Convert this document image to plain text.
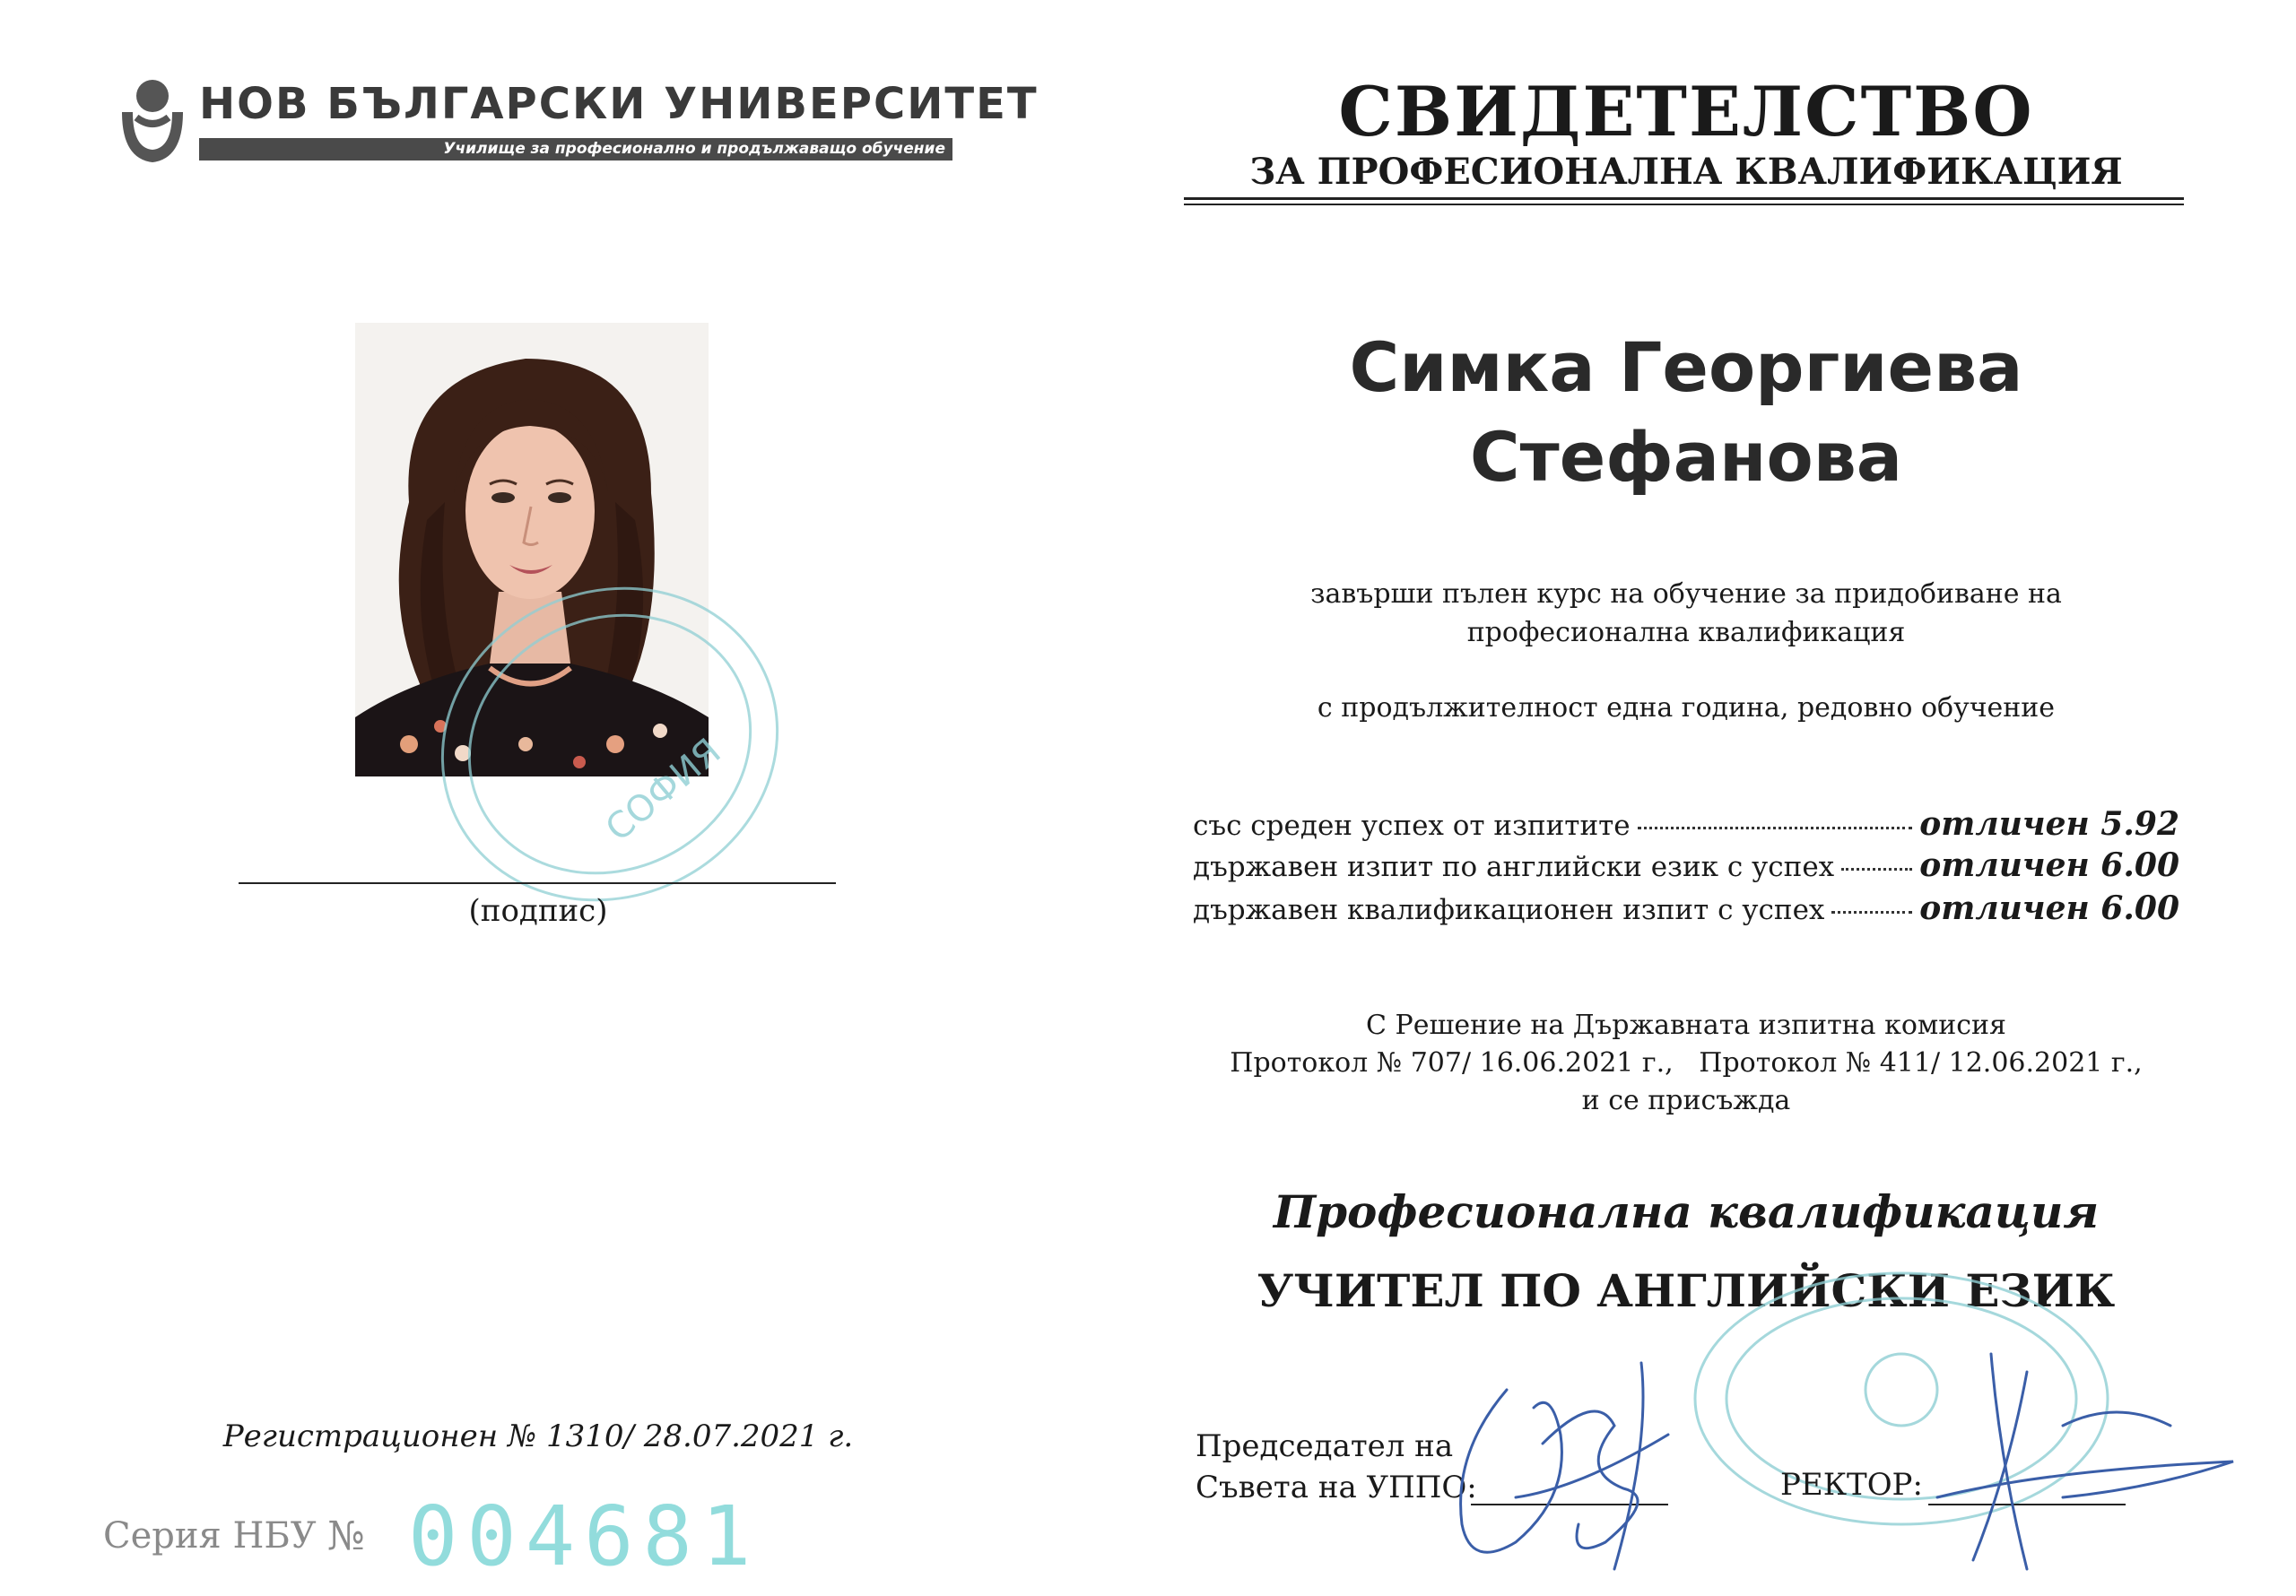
НОВ БЪЛГАРСКИ УНИВЕРСИТЕТ
Училище за професионално и продължаващо обучение
СОФИЯ
(подпис)
Регистрационен № 1310/ 28.07.2021 г.
Серия НБУ № 004681
СВИДЕТЕЛСТВО
ЗА ПРОФЕСИОНАЛНА КВАЛИФИКАЦИЯ
Симка Георгиева
Стефанова
завърши пълен курс на обучение за придобиване на
професионална квалификация
с продължителност една година, редовно обучение
със среден успех от изпитите	отличен 5.92
държавен изпит по английски език с успех	отличен 6.00
държавен квалификационен изпит с успех	отличен 6.00
С Решение на Държавната изпитна комисия
Протокол № 707/ 16.06.2021 г.,   Протокол № 411/ 12.06.2021 г.,
и се присъжда
Професионална квалификация
УЧИТЕЛ ПО АНГЛИЙСКИ ЕЗИК
Председател на
Съвета на УППО:	РЕКТОР:
